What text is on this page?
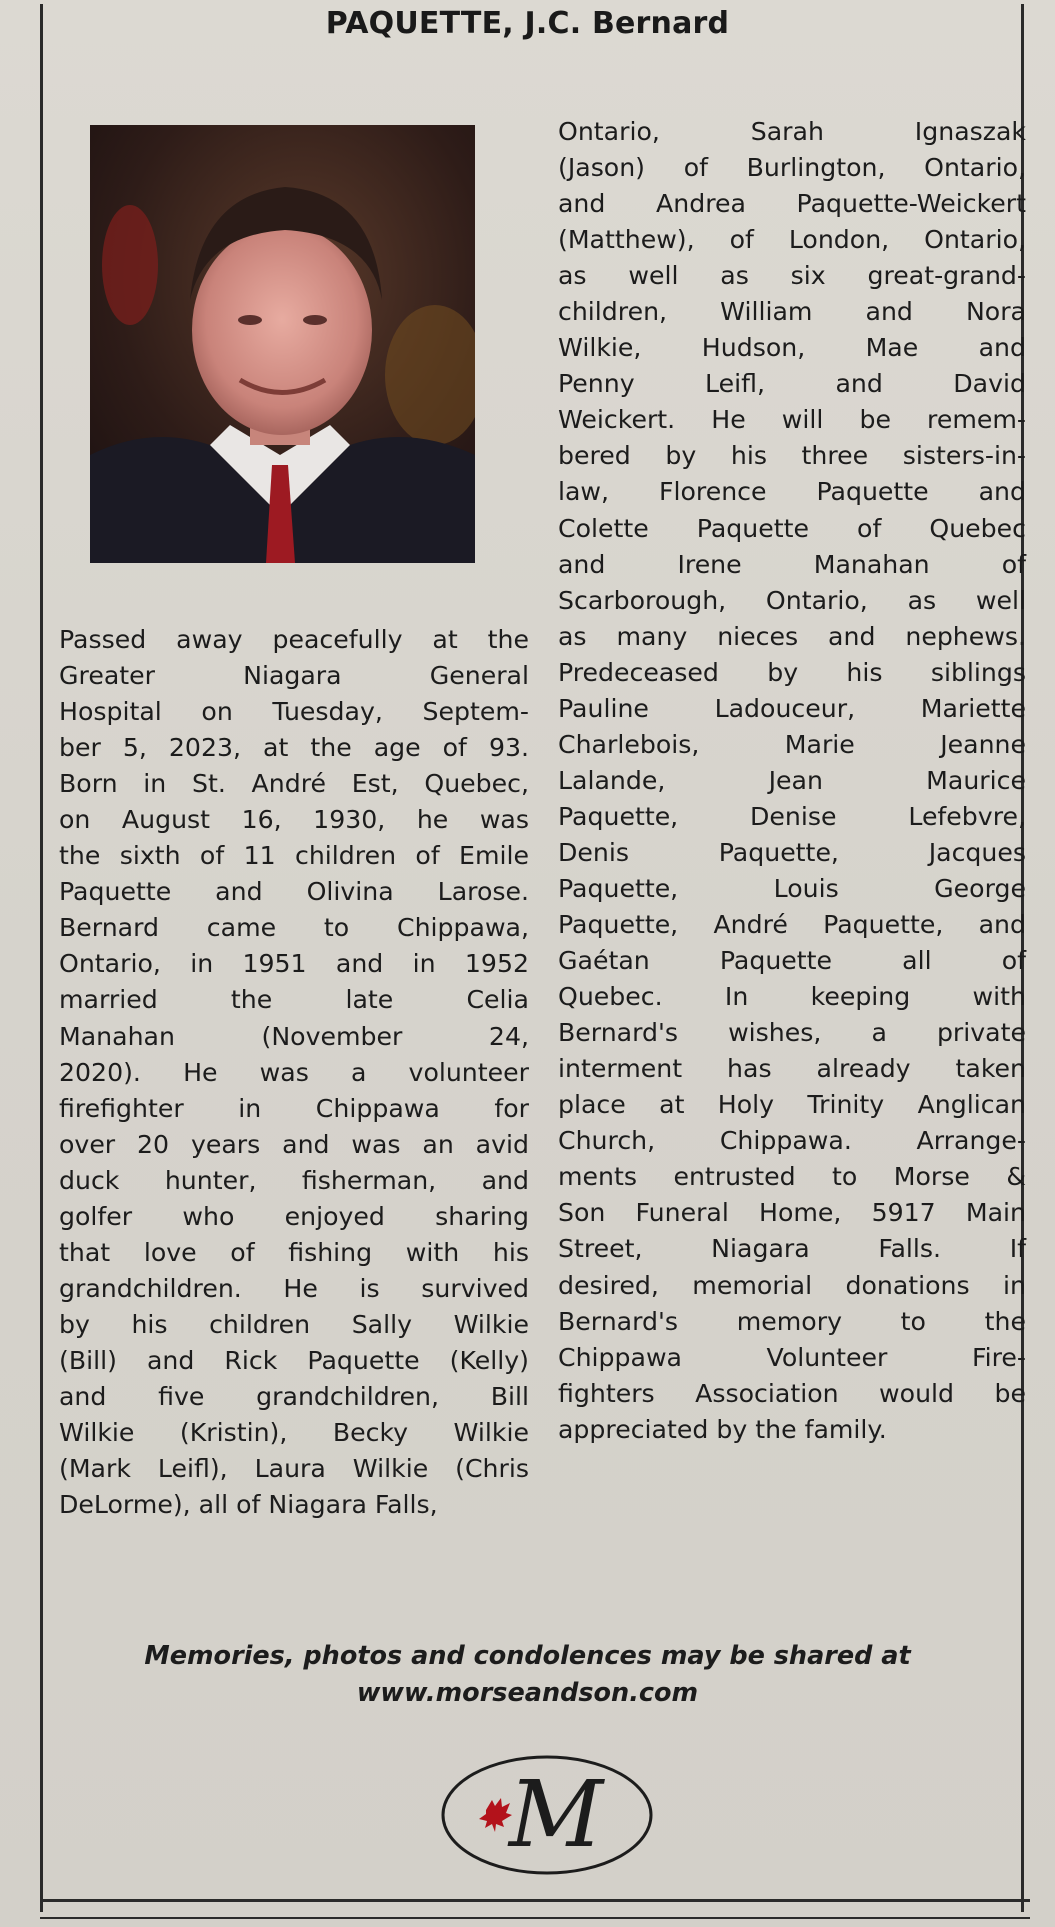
PAQUETTE, J.C. Bernard
Passed away peacefully at the
Greater Niagara General
Hospital on Tuesday, Septem-
ber 5, 2023, at the age of 93.
Born in St. André Est, Quebec,
on August 16, 1930, he was
the sixth of 11 children of Emile
Paquette and Olivina Larose.
Bernard came to Chippawa,
Ontario, in 1951 and in 1952
married the late Celia
Manahan (November 24,
2020). He was a volunteer
firefighter in Chippawa for
over 20 years and was an avid
duck hunter, fisherman, and
golfer who enjoyed sharing
that love of fishing with his
grandchildren. He is survived
by his children Sally Wilkie
(Bill) and Rick Paquette (Kelly)
and five grandchildren, Bill
Wilkie (Kristin), Becky Wilkie
(Mark Leifl), Laura Wilkie (Chris
DeLorme), all of Niagara Falls,
Ontario, Sarah Ignaszak
(Jason) of Burlington, Ontario,
and Andrea Paquette-Weickert
(Matthew), of London, Ontario,
as well as six great-grand-
children, William and Nora
Wilkie, Hudson, Mae and
Penny Leifl, and David
Weickert. He will be remem-
bered by his three sisters-in-
law, Florence Paquette and
Colette Paquette of Quebec
and Irene Manahan of
Scarborough, Ontario, as well
as many nieces and nephews.
Predeceased by his siblings
Pauline Ladouceur, Mariette
Charlebois, Marie Jeanne
Lalande, Jean Maurice
Paquette, Denise Lefebvre,
Denis Paquette, Jacques
Paquette, Louis George
Paquette, André Paquette, and
Gaétan Paquette all of
Quebec. In keeping with
Bernard's wishes, a private
interment has already taken
place at Holy Trinity Anglican
Church, Chippawa. Arrange-
ments entrusted to Morse &
Son Funeral Home, 5917 Main
Street, Niagara Falls. If
desired, memorial donations in
Bernard's memory to the
Chippawa Volunteer Fire-
fighters Association would be
appreciated by the family.
Memories, photos and condolences may be shared at
www.morseandson.com
M
